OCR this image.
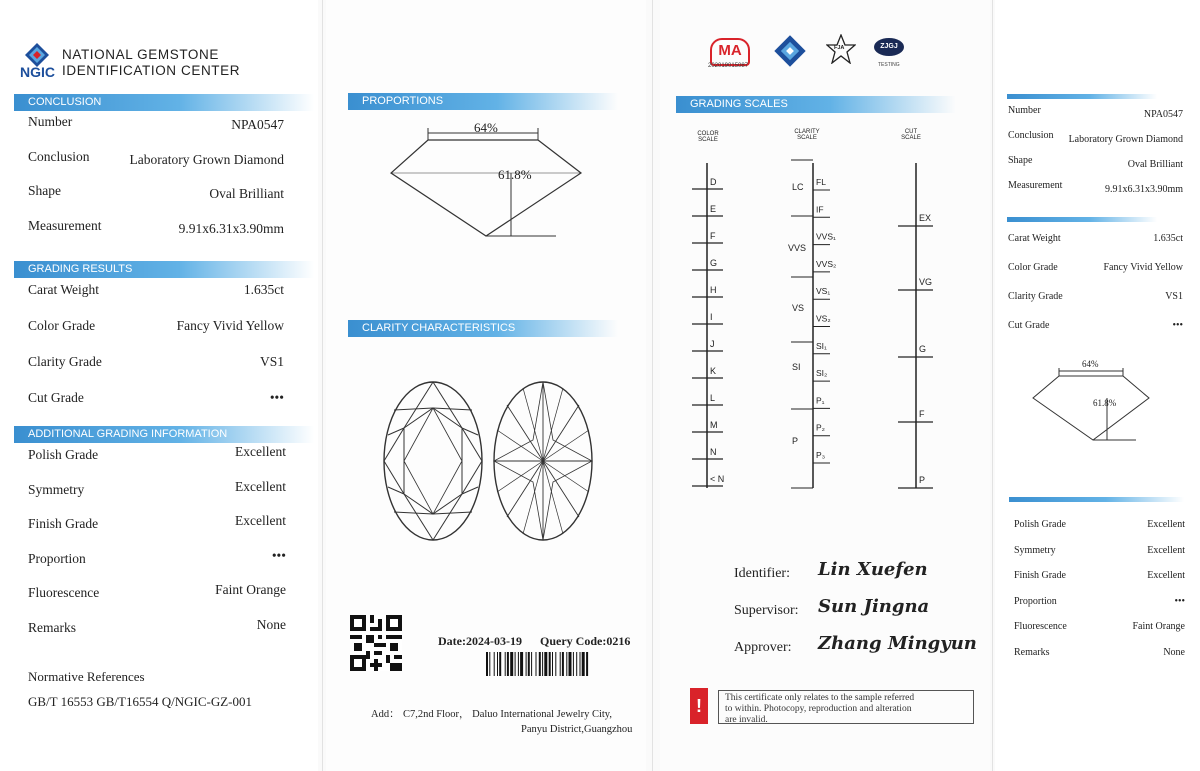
NGIC
NATIONAL GEMSTONE
IDENTIFICATION CENTER
CONCLUSION
Number	NPA0547
Conclusion	Laboratory Grown Diamond
Shape	Oval Brilliant
Measurement	9.91x6.31x3.90mm
GRADING RESULTS
Carat Weight	1.635ct
Color Grade	Fancy Vivid Yellow
Clarity Grade	VS1
Cut Grade	•••
ADDITIONAL GRADING INFORMATION
Polish Grade	Excellent
Symmetry	Excellent
Finish Grade	Excellent
Proportion	•••
Fluorescence	Faint Orange
Remarks	None
Normative References
GB/T 16553 GB/T16554 Q/NGIC-GZ-001
PROPORTIONS
64%
61.8%
CLARITY CHARACTERISTICS
Date:2024-03-19 Query Code:0216
Add： C7,2nd Floor， Daluo International Jewelry City,
Panyu District,Guangzhou
MA
202019015087
FJA	ZJGJ
TESTING
GRADING SCALES
COLOR
SCALE
CLARITY
SCALE
CUT
SCALE
D
E
F
G
H
I
J
K
L
M
N
< N
LC
VVS
VS
SI
P
FL
IF
VVS₁
VVS₂
VS₁
VS₂
SI₁
SI₂
P₁
P₂
P₃
EX
VG
G
F
P
Identifier: Lin Xuefen
Supervisor: Sun Jingna
Approver: Zhang Mingyun
!	This certificate only relates to the sample referred
to within. Photocopy, reproduction and alteration
are invalid.
Number	NPA0547
Conclusion Laboratory Grown Diamond
Shape	Oval Brilliant
Measurement	9.91x6.31x3.90mm
Carat Weight	1.635ct
Color Grade	Fancy Vivid Yellow
Clarity Grade	VS1
Cut Grade	•••
64%
61.8%
Polish Grade	Excellent
Symmetry	Excellent
Finish Grade	Excellent
Proportion	•••
Fluorescence	Faint Orange
Remarks	None
